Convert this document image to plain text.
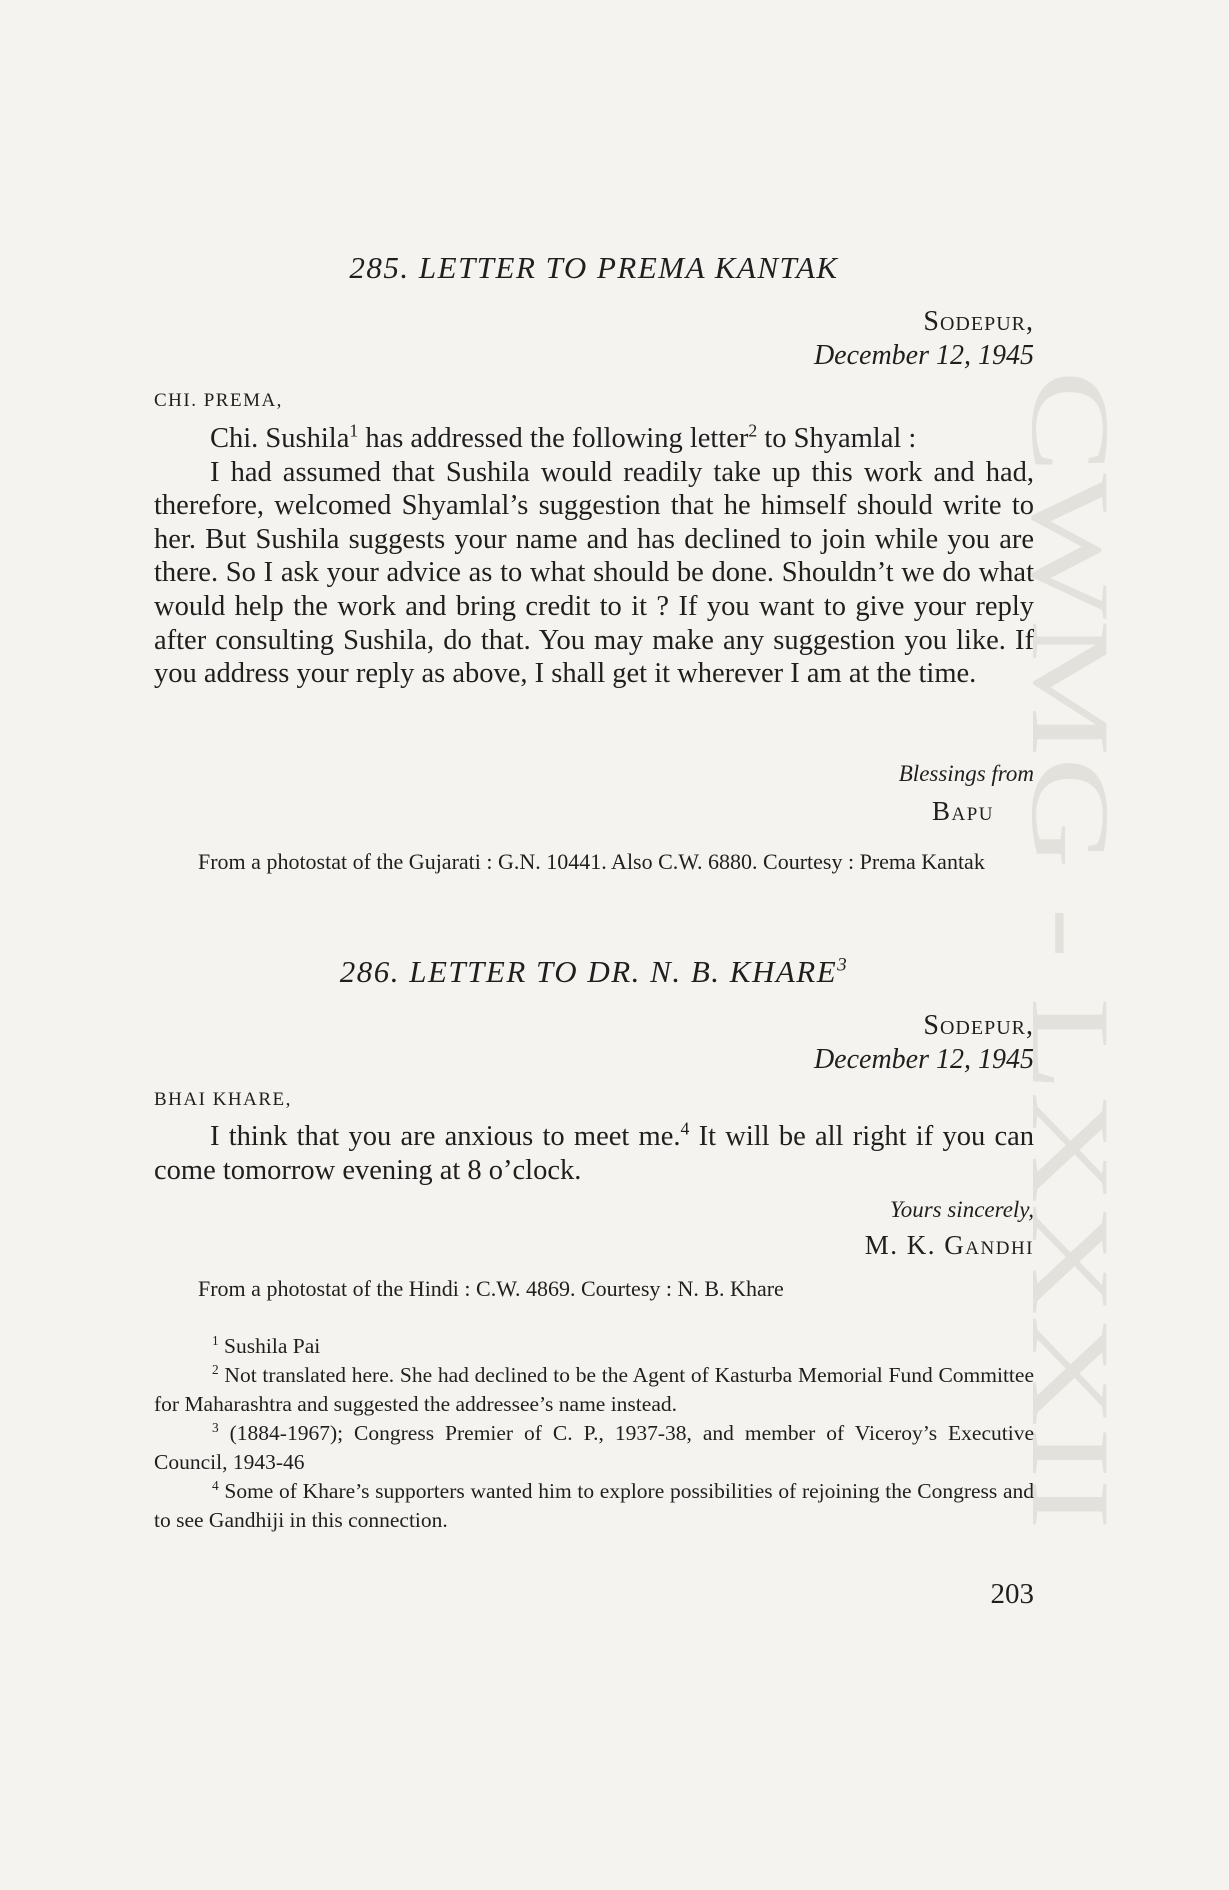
CWMG - LXXXII
285. LETTER TO PREMA KANTAK
Sodepur,
December 12, 1945
CHI. PREMA,

Chi. Sushila$^1$ has addressed the following letter$^2$ to Shyamlal :

I had assumed that Sushila would readily take up this work and had, therefore, welcomed Shyamlal’s suggestion that he himself should write to her. But Sushila suggests your name and has declined to join while you are there. So I ask your advice as to what should be done. Shouldn’t we do what would help the work and bring credit to it ? If you want to give your reply after consulting Sushila, do that. You may make any suggestion you like. If you address your reply as above, I shall get it wherever I am at the time.

Blessings from
Bapu
From a photostat of the Gujarati : G.N. 10441. Also C.W. 6880. Courtesy : Prema Kantak
286. LETTER TO DR. N. B. KHARE$^3$
Sodepur,
December 12, 1945
BHAI KHARE,

I think that you are anxious to meet me.$^4$ It will be all right if you can come tomorrow evening at 8 o’clock.

Yours sincerely,
M. K. Gandhi
From a photostat of the Hindi : C.W. 4869. Courtesy : N. B. Khare

$^1$ Sushila Pai

$^2$ Not translated here. She had declined to be the Agent of Kasturba Memorial Fund Committee for Maharashtra and suggested the addressee’s name instead.

$^3$ (1884-1967); Congress Premier of C. P., 1937-38, and member of Viceroy’s Executive Council, 1943-46

$^4$ Some of Khare’s supporters wanted him to explore possibilities of rejoining the Congress and to see Gandhiji in this connection.

203
